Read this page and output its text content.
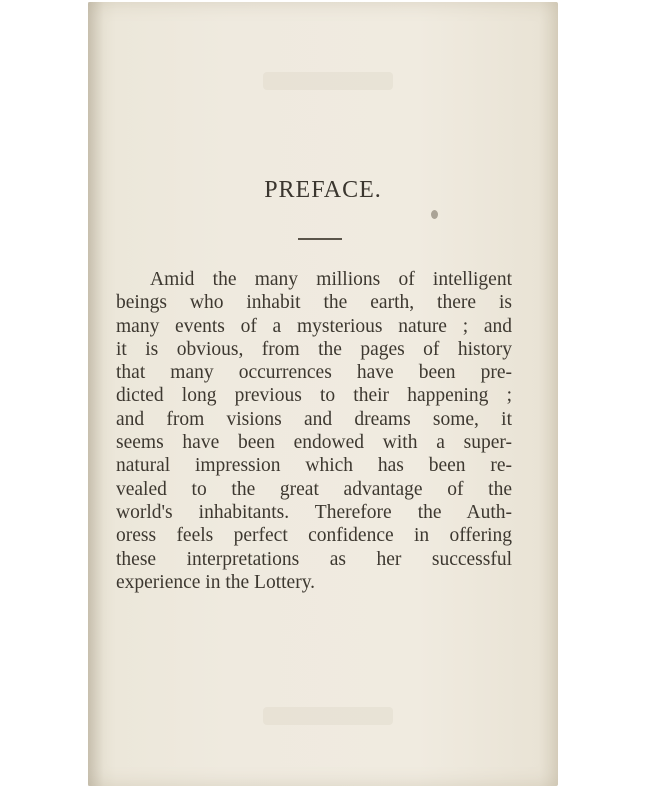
PREFACE.
Amid the many millions of intelligent
beings who inhabit the earth, there is
many events of a mysterious nature ; and
it is obvious, from the pages of history
that many occurrences have been pre-
dicted long previous to their happening ;
and from visions and dreams some, it
seems have been endowed with a super-
natural impression which has been re-
vealed to the great advantage of the
world's inhabitants. Therefore the Auth-
oress feels perfect confidence in offering
these interpretations as her successful
experience in the Lottery.
